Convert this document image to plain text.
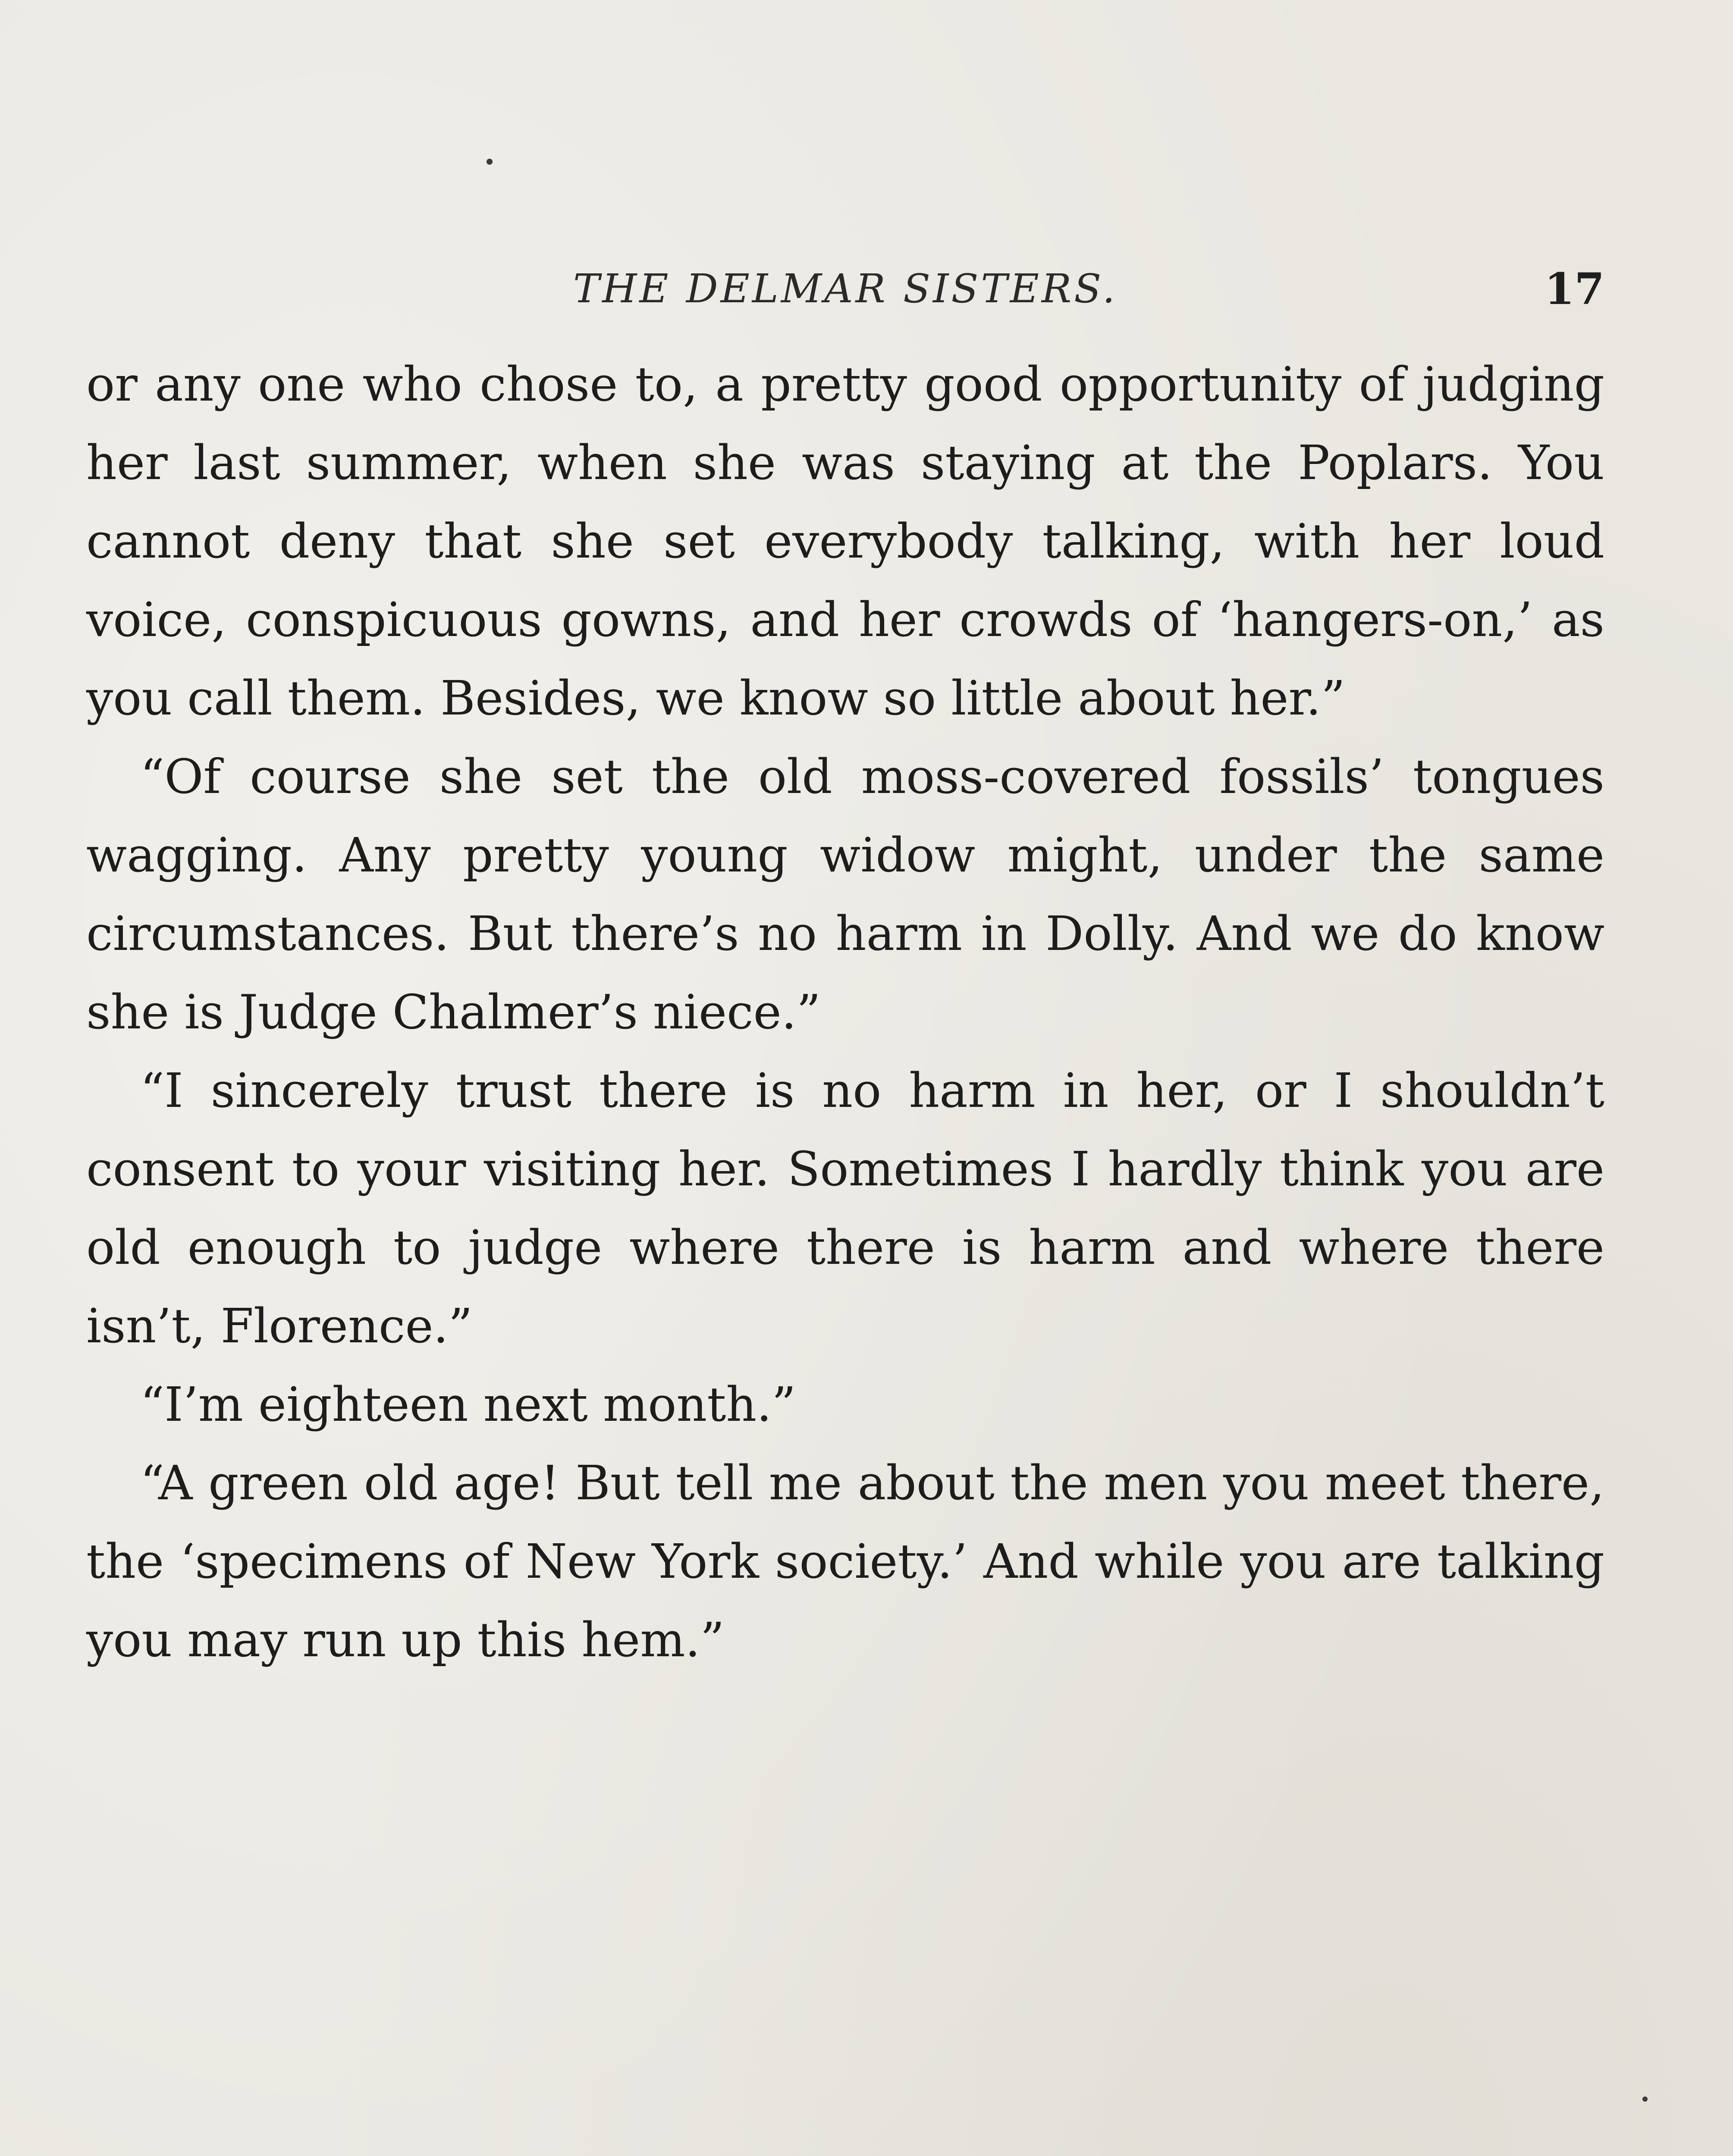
THE DELMAR SISTERS.	17

or any one who chose to, a pretty good opportunity of judging her last summer, when she was staying at the Poplars. You cannot deny that she set everybody talking, with her loud voice, conspicuous gowns, and her crowds of ‘hangers-on,’ as you call them. Besides, we know so little about her.”

“Of course she set the old moss-covered fossils’ tongues wagging. Any pretty young widow might, under the same circumstances. But there’s no harm in Dolly. And we do know she is Judge Chalmer’s niece.”

“I sincerely trust there is no harm in her, or I shouldn’t consent to your visiting her. Sometimes I hardly think you are old enough to judge where there is harm and where there isn’t, Florence.”

“I’m eighteen next month.”

“A green old age! But tell me about the men you meet there, the ‘specimens of New York society.’ And while you are talking you may run up this hem.”
